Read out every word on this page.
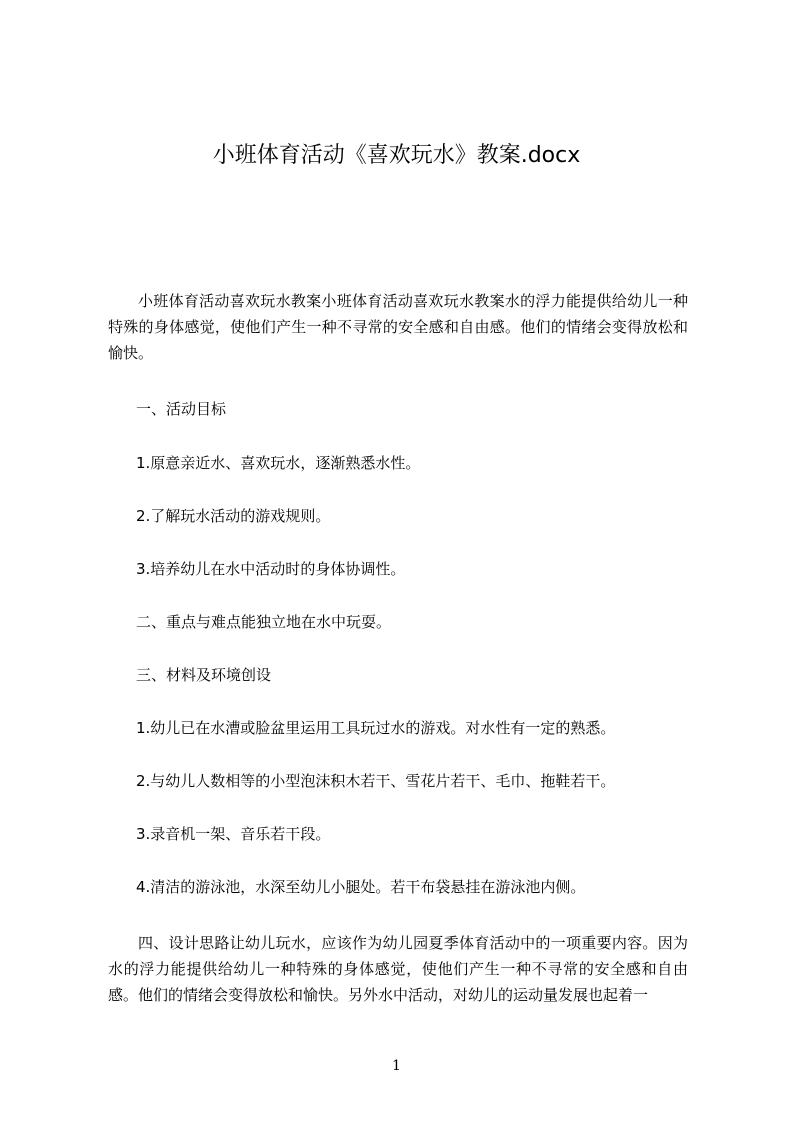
小班体育活动《喜欢玩水》教案.docx

小班体育活动喜欢玩水教案小班体育活动喜欢玩水教案水的浮力能提供给幼儿一种特殊的身体感觉，使他们产生一种不寻常的安全感和自由感。他们的情绪会变得放松和愉快。

一、活动目标

1.原意亲近水、喜欢玩水，逐渐熟悉水性。

2.了解玩水活动的游戏规则。

3.培养幼儿在水中活动时的身体协调性。

二、重点与难点能独立地在水中玩耍。

三、材料及环境创设

1.幼儿已在水漕或脸盆里运用工具玩过水的游戏。对水性有一定的熟悉。

2.与幼儿人数相等的小型泡沫积木若干、雪花片若干、毛巾、拖鞋若干。

3.录音机一架、音乐若干段。

4.清洁的游泳池，水深至幼儿小腿处。若干布袋悬挂在游泳池内侧。

四、设计思路让幼儿玩水，应该作为幼儿园夏季体育活动中的一项重要内容。因为水的浮力能提供给幼儿一种特殊的身体感觉，使他们产生一种不寻常的安全感和自由感。他们的情绪会变得放松和愉快。另外水中活动，对幼儿的运动量发展也起着一

1
